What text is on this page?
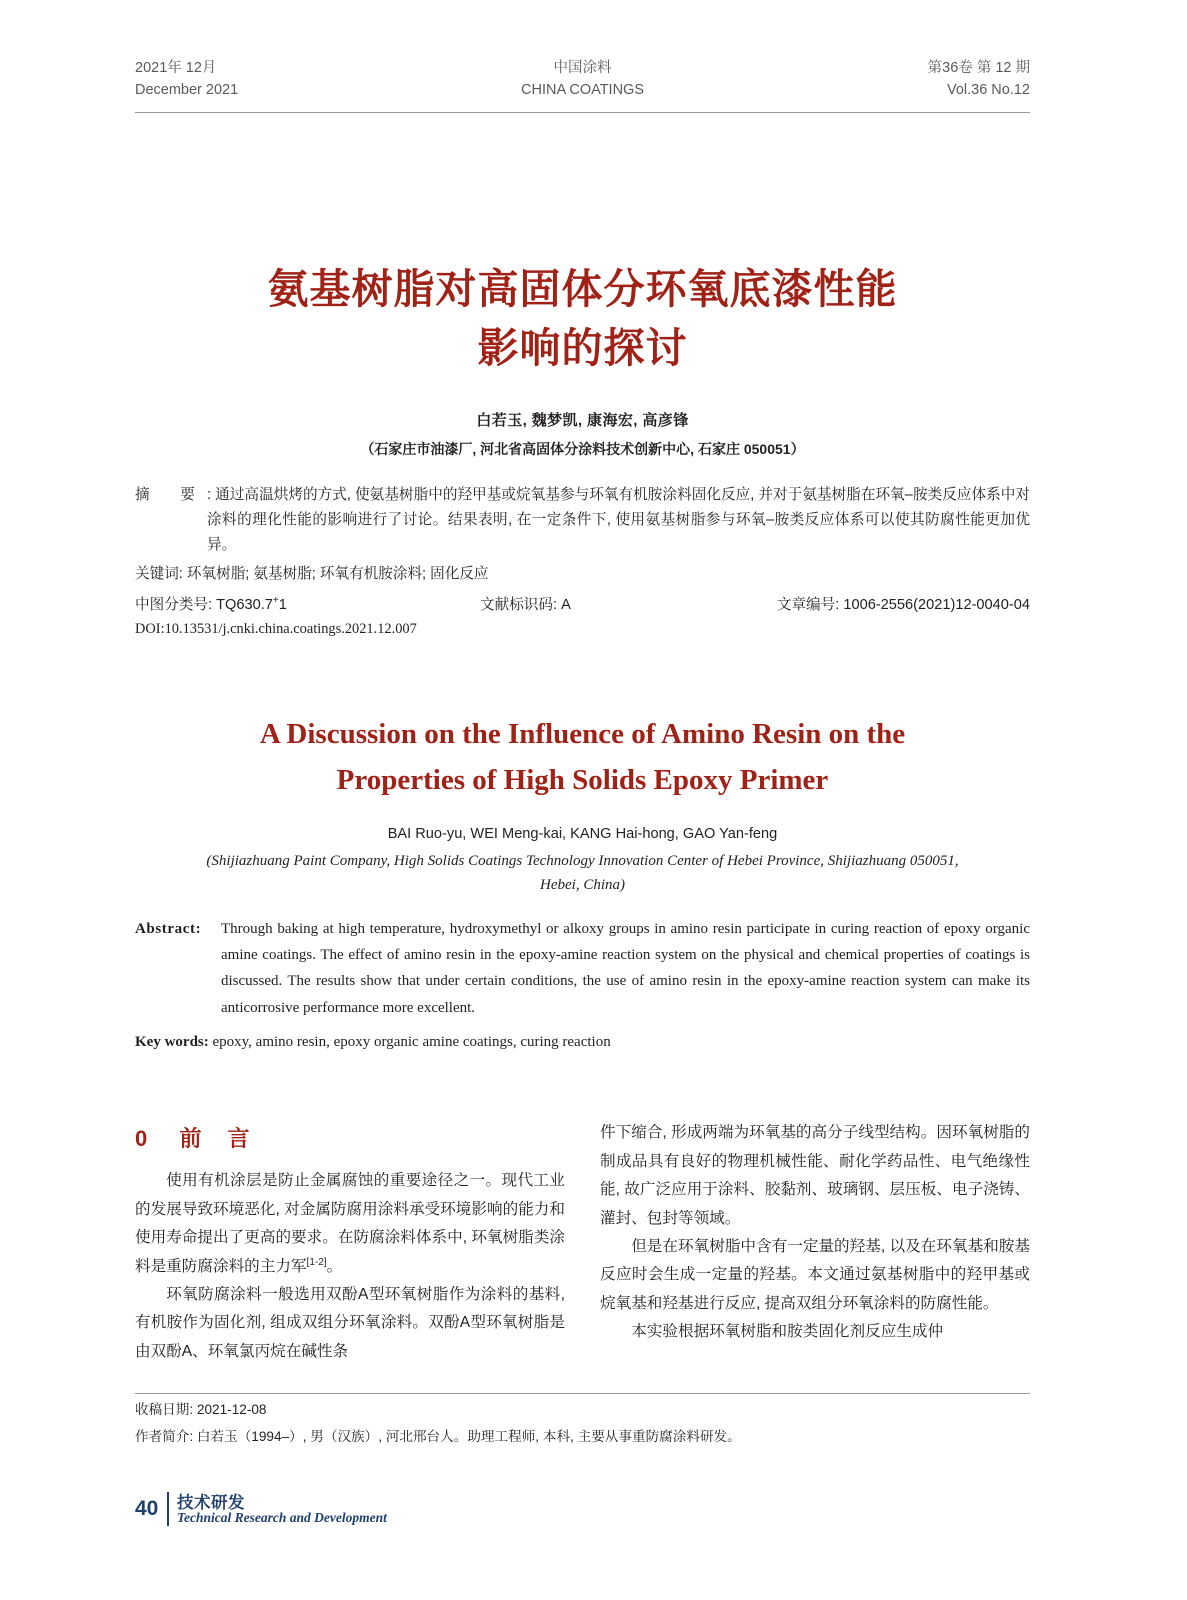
2021年 12月
December 2021
中国涂料
CHINA COATINGS
第36卷 第 12 期
Vol.36 No.12
氨基树脂对高固体分环氧底漆性能
影响的探讨
白若玉, 魏梦凯, 康海宏, 高彦锋
（石家庄市油漆厂, 河北省高固体分涂料技术创新中心, 石家庄 050051）
摘　要 : 通过高温烘烤的方式, 使氨基树脂中的羟甲基或烷氧基参与环氧有机胺涂料固化反应, 并对于氨基树脂在环氧–胺类反应体系中对涂料的理化性能的影响进行了讨论。结果表明, 在一定条件下, 使用氨基树脂参与环氧–胺类反应体系可以使其防腐性能更加优异。
关键词: 环氧树脂; 氨基树脂; 环氧有机胺涂料; 固化反应
中图分类号: TQ630.7+1	文献标识码: A	文章编号: 1006-2556(2021)12-0040-04
DOI:10.13531/j.cnki.china.coatings.2021.12.007
A Discussion on the Influence of Amino Resin on the
Properties of High Solids Epoxy Primer
BAI Ruo-yu, WEI Meng-kai, KANG Hai-hong, GAO Yan-feng
(Shijiazhuang Paint Company, High Solids Coatings Technology Innovation Center of Hebei Province, Shijiazhuang 050051,
Hebei, China)
Abstract:	Through baking at high temperature, hydroxymethyl or alkoxy groups in amino resin participate in curing reaction of epoxy organic amine coatings. The effect of amino resin in the epoxy-amine reaction system on the physical and chemical properties of coatings is discussed. The results show that under certain conditions, the use of amino resin in the epoxy-amine reaction system can make its anticorrosive performance more excellent.
Key words: epoxy, amino resin, epoxy organic amine coatings, curing reaction
0 前　言

使用有机涂层是防止金属腐蚀的重要途径之一。现代工业的发展导致环境恶化, 对金属防腐用涂料承受环境影响的能力和使用寿命提出了更高的要求。在防腐涂料体系中, 环氧树脂类涂料是重防腐涂料的主力军[1-2]。

环氧防腐涂料一般选用双酚A型环氧树脂作为涂料的基料, 有机胺作为固化剂, 组成双组分环氧涂料。双酚A型环氧树脂是由双酚A、环氧氯丙烷在碱性条

件下缩合, 形成两端为环氧基的高分子线型结构。因环氧树脂的制成品具有良好的物理机械性能、耐化学药品性、电气绝缘性能, 故广泛应用于涂料、胶黏剂、玻璃钢、层压板、电子浇铸、灌封、包封等领域。

但是在环氧树脂中含有一定量的羟基, 以及在环氧基和胺基反应时会生成一定量的羟基。本文通过氨基树脂中的羟甲基或烷氧基和羟基进行反应, 提高双组分环氧涂料的防腐性能。

本实验根据环氧树脂和胺类固化剂反应生成仲

收稿日期: 2021-12-08
作者简介: 白若玉（1994–）, 男（汉族）, 河北邢台人。助理工程师, 本科, 主要从事重防腐涂料研发。
40 技术研发
Technical Research and Development
